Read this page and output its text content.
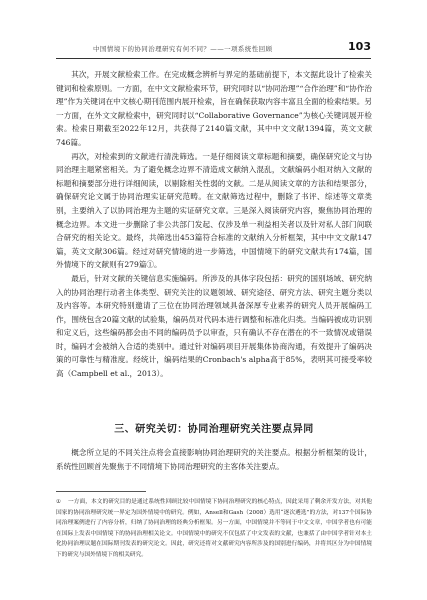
中国情境下的协同治理研究有何不同？——一项系统性回顾	103

其次，开展文献检索工作。在完成概念辨析与界定的基础前提下，本文据此设计了检索关键词和检索原则。一方面，在中文文献检索环节，研究同时以“协同治理”“合作治理”和“协作治理”作为关键词在中文核心期刊范围内展开检索，旨在确保获取内容丰富且全面的检索结果。另一方面，在外文文献检索中，研究同时以“Collaborative Governance”为核心关键词展开检索。检索日期截至2022年12月，共获得了2140篇文献，其中中文文献1394篇，英文文献746篇。

再次，对检索到的文献进行清洗筛选。一是仔细阅读文章标题和摘要，确保研究论文与协同治理主题紧密相关。为了避免概念边界不清造成文献纳入混乱，文献编码小组对纳入文献的标题和摘要部分进行详细阅读，以剔除相关性弱的文献。二是从阅读文章的方法和结果部分，确保研究论文属于协同治理实证研究范畴。在文献筛选过程中，删除了书评、综述等文章类别，主要纳入了以协同治理为主题的实证研究文章。三是深入阅读研究内容，聚焦协同治理的概念边界。本文进一步删除了非公共部门发起、仅涉及单一利益相关者以及针对私人部门间联合研究的相关论文。最终，共筛选出453篇符合标准的文献纳入分析框架，其中中文文献147篇，英文文献306篇。经过对研究情境的进一步筛选，中国情境下的研究文献共有174篇，国外情境下的文献则有279篇①。

最后，针对文献的关键信息实施编码。所涉及的具体字段包括：研究的国别场域、研究纳入的协同治理行动者主体类型、研究关注的议题领域、研究途径、研究方法、研究主题分类以及内容等。本研究特别邀请了三位在协同治理领域具备深厚专业素养的研究人员开展编码工作，围绕包含20篇文献的试验集，编码员对代码本进行调整和标准化归类。当编码被成功识别和定义后，这些编码都会由不同的编码员予以审查，只有确认不存在潜在的不一致情况或错误时，编码才会被纳入合适的类别中。通过针对编码项目开展集体协商沟通，有效提升了编码决策的可靠性与精准度。经统计，编码结果的Cronbach's alpha高于85%，表明其可接受率较高（Campbell et al.，2013）。

三、研究关切：协同治理研究关注要点异同

概念所立足的不同关注点将会直接影响协同治理研究的关注要点。根据分析框架的设计，系统性回顾首先聚焦于不同情境下协同治理研究的主客体关注要点。

① 一方面，本文的研究目的是通过系统性回顾比较中国情境下协同治理研究的核心特点，因此采用了剩余开发方法，对其他国家的协同治理研究统一界定为国外情境中的研究。例如，Ansell和Gash（2008）选用“逐次遴选”的方法，对137个国际协同治理案例进行了内容分析，归纳了协同治理的经典分析框架。另一方面，中国情境并不等同于中文文章，中国学者也有可能在国际上发表中国情境下的协同治理相关论文。中国情境中的研究不仅包括了中文发表的文献，也兼括了由中国学者针对本土化协同治理议题在国际期刊发表的研究论文。因此，研究还将对文献研究内容所涉及的国别进行编码，并将其区分为中国情境下的研究与国外情境下的相关研究。
